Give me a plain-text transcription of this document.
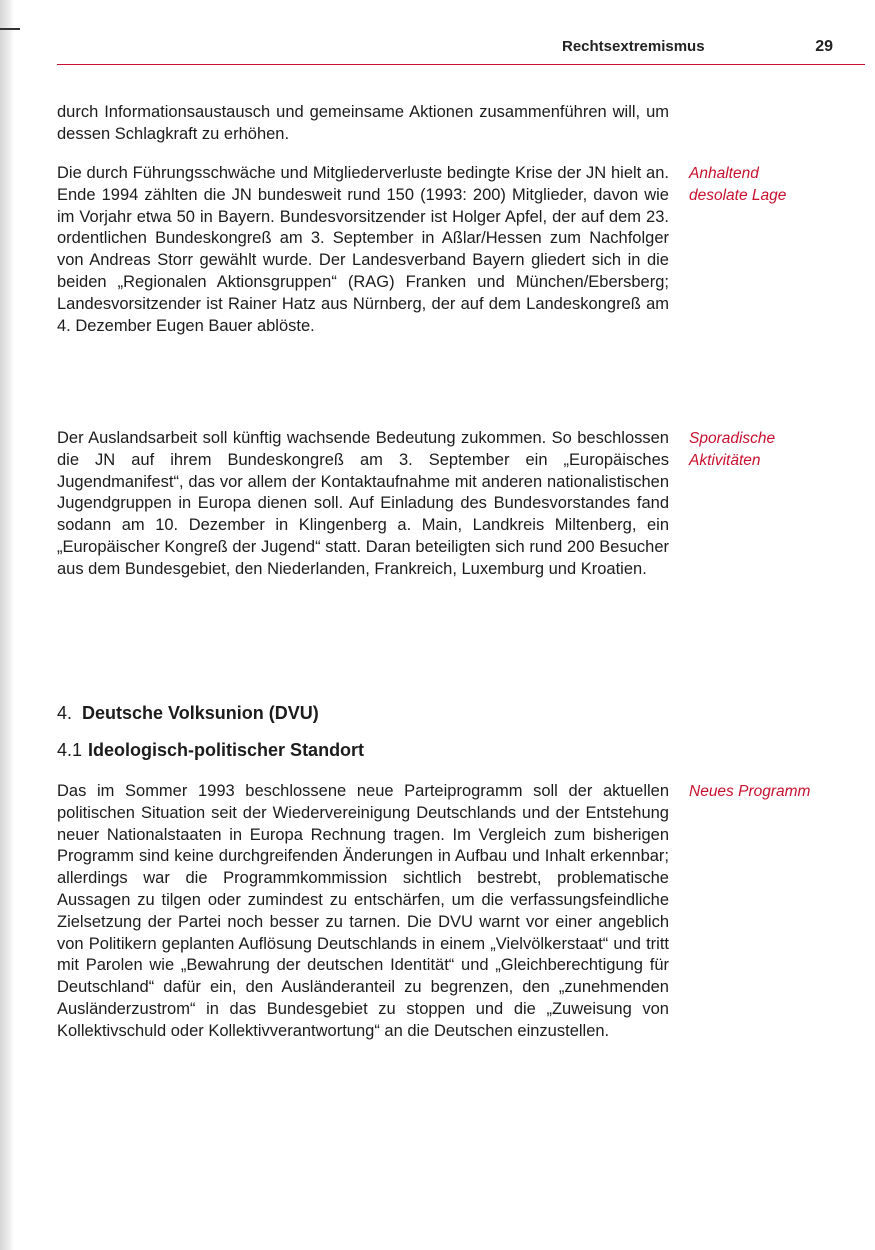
Rechtsextremismus	29

durch Informationsaustausch und gemeinsame Aktionen zusammenführen will, um dessen Schlagkraft zu erhöhen.

Die durch Führungsschwäche und Mitgliederverluste bedingte Krise der JN hielt an. Ende 1994 zählten die JN bundesweit rund 150 (1993: 200) Mitglieder, davon wie im Vorjahr etwa 50 in Bayern. Bundesvorsitzender ist Holger Apfel, der auf dem 23. ordentlichen Bundeskongreß am 3. September in Aßlar/Hessen zum Nachfolger von Andreas Storr gewählt wurde. Der Landesverband Bayern gliedert sich in die beiden „Regionalen Aktionsgruppen“ (RAG) Franken und München/Ebersberg; Landesvorsitzender ist Rainer Hatz aus Nürnberg, der auf dem Landeskongreß am 4. Dezember Eugen Bauer ablöste.

Anhaltend
desolate Lage

Der Auslandsarbeit soll künftig wachsende Bedeutung zukommen. So beschlossen die JN auf ihrem Bundeskongreß am 3. September ein „Europäisches Jugendmanifest“, das vor allem der Kontaktaufnahme mit anderen nationalistischen Jugendgruppen in Europa dienen soll. Auf Einladung des Bundesvorstandes fand sodann am 10. Dezember in Klingenberg a. Main, Landkreis Miltenberg, ein „Europäischer Kongreß der Jugend“ statt. Daran beteiligten sich rund 200 Besucher aus dem Bundesgebiet, den Niederlanden, Frankreich, Luxemburg und Kroatien.

Sporadische
Aktivitäten

4. Deutsche Volksunion (DVU)
4.1 Ideologisch-politischer Standort

Das im Sommer 1993 beschlossene neue Parteiprogramm soll der aktuellen politischen Situation seit der Wiedervereinigung Deutschlands und der Entstehung neuer Nationalstaaten in Europa Rechnung tragen. Im Vergleich zum bisherigen Programm sind keine durchgreifenden Änderungen in Aufbau und Inhalt erkennbar; allerdings war die Programmkommission sichtlich bestrebt, problematische Aussagen zu tilgen oder zumindest zu entschärfen, um die verfassungsfeindliche Zielsetzung der Partei noch besser zu tarnen. Die DVU warnt vor einer angeblich von Politikern geplanten Auflösung Deutschlands in einem „Vielvölkerstaat“ und tritt mit Parolen wie „Bewahrung der deutschen Identität“ und „Gleichberechtigung für Deutschland“ dafür ein, den Ausländeranteil zu begrenzen, den „zunehmenden Ausländerzustrom“ in das Bundesgebiet zu stoppen und die „Zuweisung von Kollektivschuld oder Kollektivverantwortung“ an die Deutschen einzustellen.

Neues Programm
